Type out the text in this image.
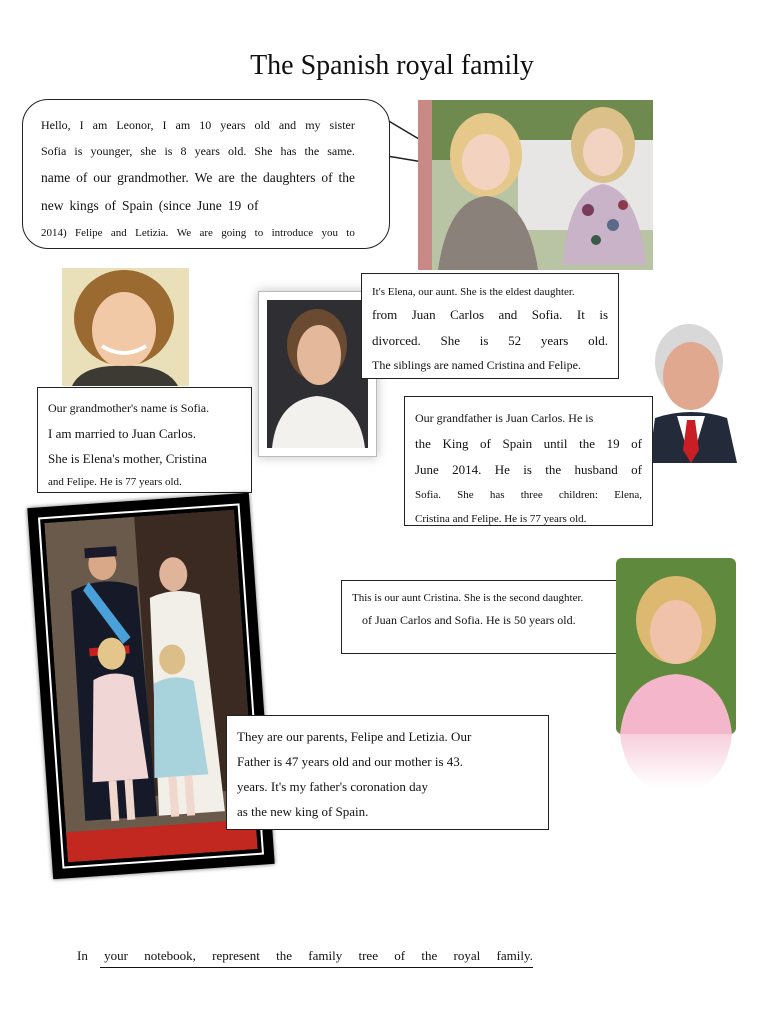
The Spanish royal family
Hello, I am Leonor, I am 10 years old and my sister
Sofia is younger, she is 8 years old. She has the same.
name of our grandmother. We are the daughters of the
new kings of Spain (since June 19 of
2014) Felipe and Letizia. We are going to introduce you to
Our grandmother's name is Sofia.
I am married to Juan Carlos.
She is Elena's mother, Cristina
and Felipe. He is 77 years old.
It's Elena, our aunt. She is the eldest daughter.
from Juan Carlos and Sofia. It is
divorced. She is 52 years old.
The siblings are named Cristina and Felipe.
Our grandfather is Juan Carlos. He is
the King of Spain until the 19 of
June 2014. He is the husband of
Sofia. She has three children: Elena,
Cristina and Felipe. He is 77 years old.
They are our parents, Felipe and Letizia. Our
Father is 47 years old and our mother is 43.
years. It's my father's coronation day
as the new king of Spain.
This is our aunt Cristina. She is the second daughter.
of Juan Carlos and Sofia. He is 50 years old.
In your notebook, represent the family tree of the royal family.
